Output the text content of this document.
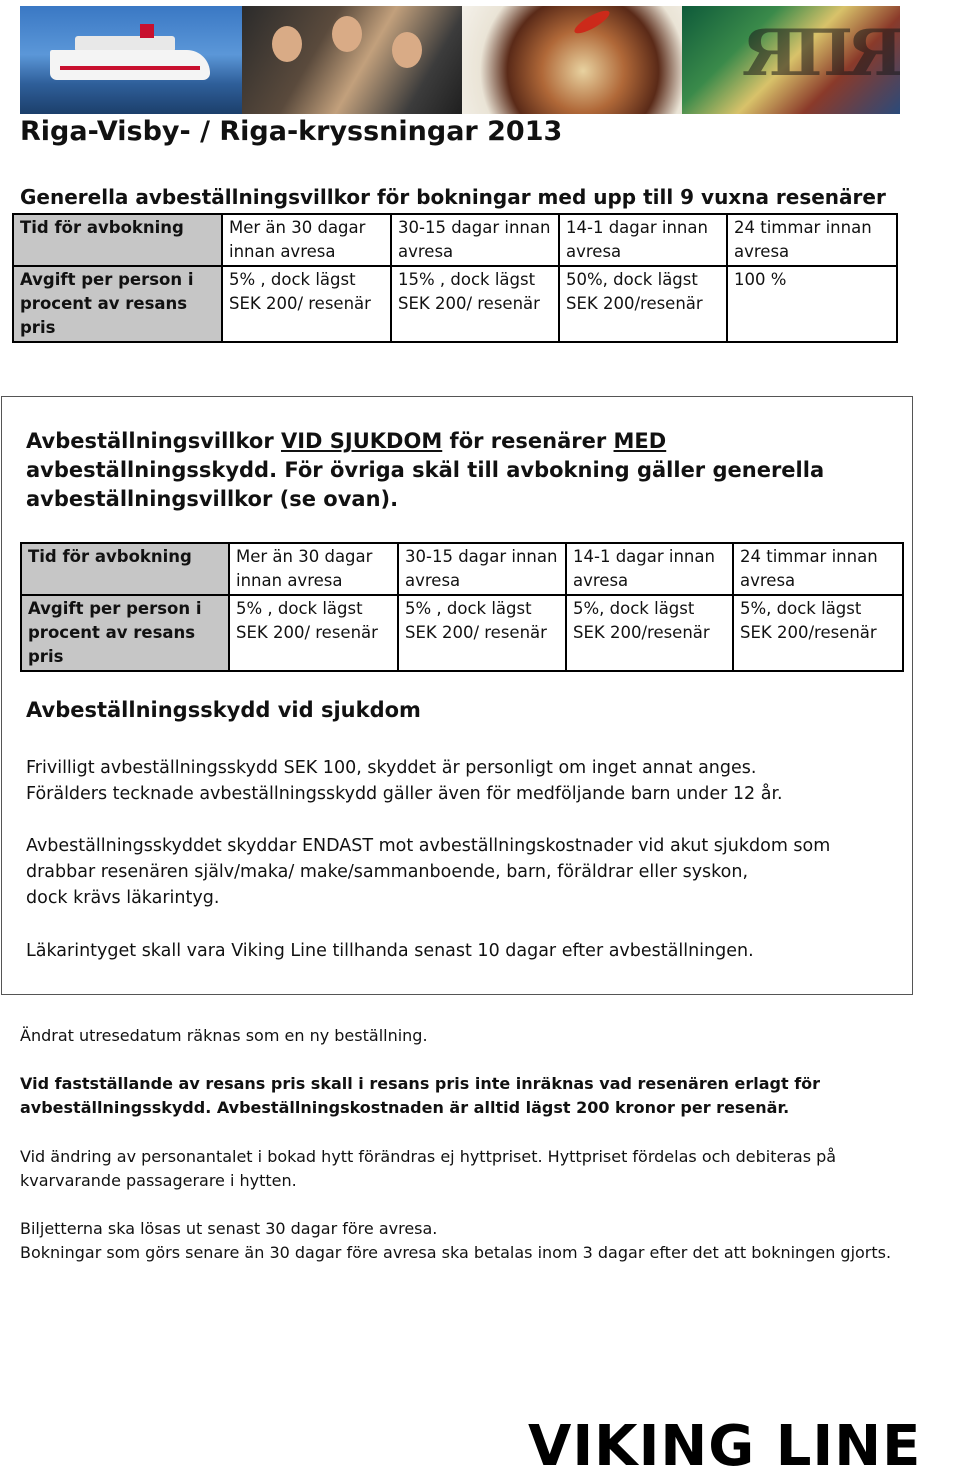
ЯПЯ
Riga-Visby- / Riga-kryssningar 2013
Generella avbeställningsvillkor för bokningar med upp till 9 vuxna resenärer
Tid för avbokning	Mer än 30 dagar innan avresa	30-15 dagar innan avresa	14-1 dagar innan avresa	24 timmar innan avresa
Avgift per person i procent av resans pris	5% , dock lägst SEK 200/ resenär	15% , dock lägst SEK 200/ resenär	50%, dock lägst SEK 200/resenär	100 %

Avbeställningsvillkor VID SJUKDOM för resenärer MED avbeställningsskydd. För övriga skäl till avbokning gäller generella avbeställningsvillkor (se ovan).

Tid för avbokning	Mer än 30 dagar innan avresa	30-15 dagar innan avresa	14-1 dagar innan avresa	24 timmar innan avresa
Avgift per person i procent av resans pris	5% , dock lägst SEK 200/ resenär	5% , dock lägst SEK 200/ resenär	5%, dock lägst SEK 200/resenär	5%, dock lägst SEK 200/resenär
Avbeställningsskydd vid sjukdom

Frivilligt avbeställningsskydd SEK 100, skyddet är personligt om inget annat anges.
Förälders tecknade avbeställningsskydd gäller även för medföljande barn under 12 år.

Avbeställningsskyddet skyddar ENDAST mot avbeställningskostnader vid akut sjukdom som
drabbar resenären själv/maka/ make/sammanboende, barn, föräldrar eller syskon,
dock krävs läkarintyg.

Läkarintyget skall vara Viking Line tillhanda senast 10 dagar efter avbeställningen.

Ändrat utresedatum räknas som en ny beställning.

Vid fastställande av resans pris skall i resans pris inte inräknas vad resenären erlagt för
avbeställningsskydd. Avbeställningskostnaden är alltid lägst 200 kronor per resenär.

Vid ändring av personantalet i bokad hytt förändras ej hyttpriset. Hyttpriset fördelas och debiteras på
kvarvarande passagerare i hytten.

Biljetterna ska lösas ut senast 30 dagar före avresa.
Bokningar som görs senare än 30 dagar före avresa ska betalas inom 3 dagar efter det att bokningen gjorts.

VIKING LINE
